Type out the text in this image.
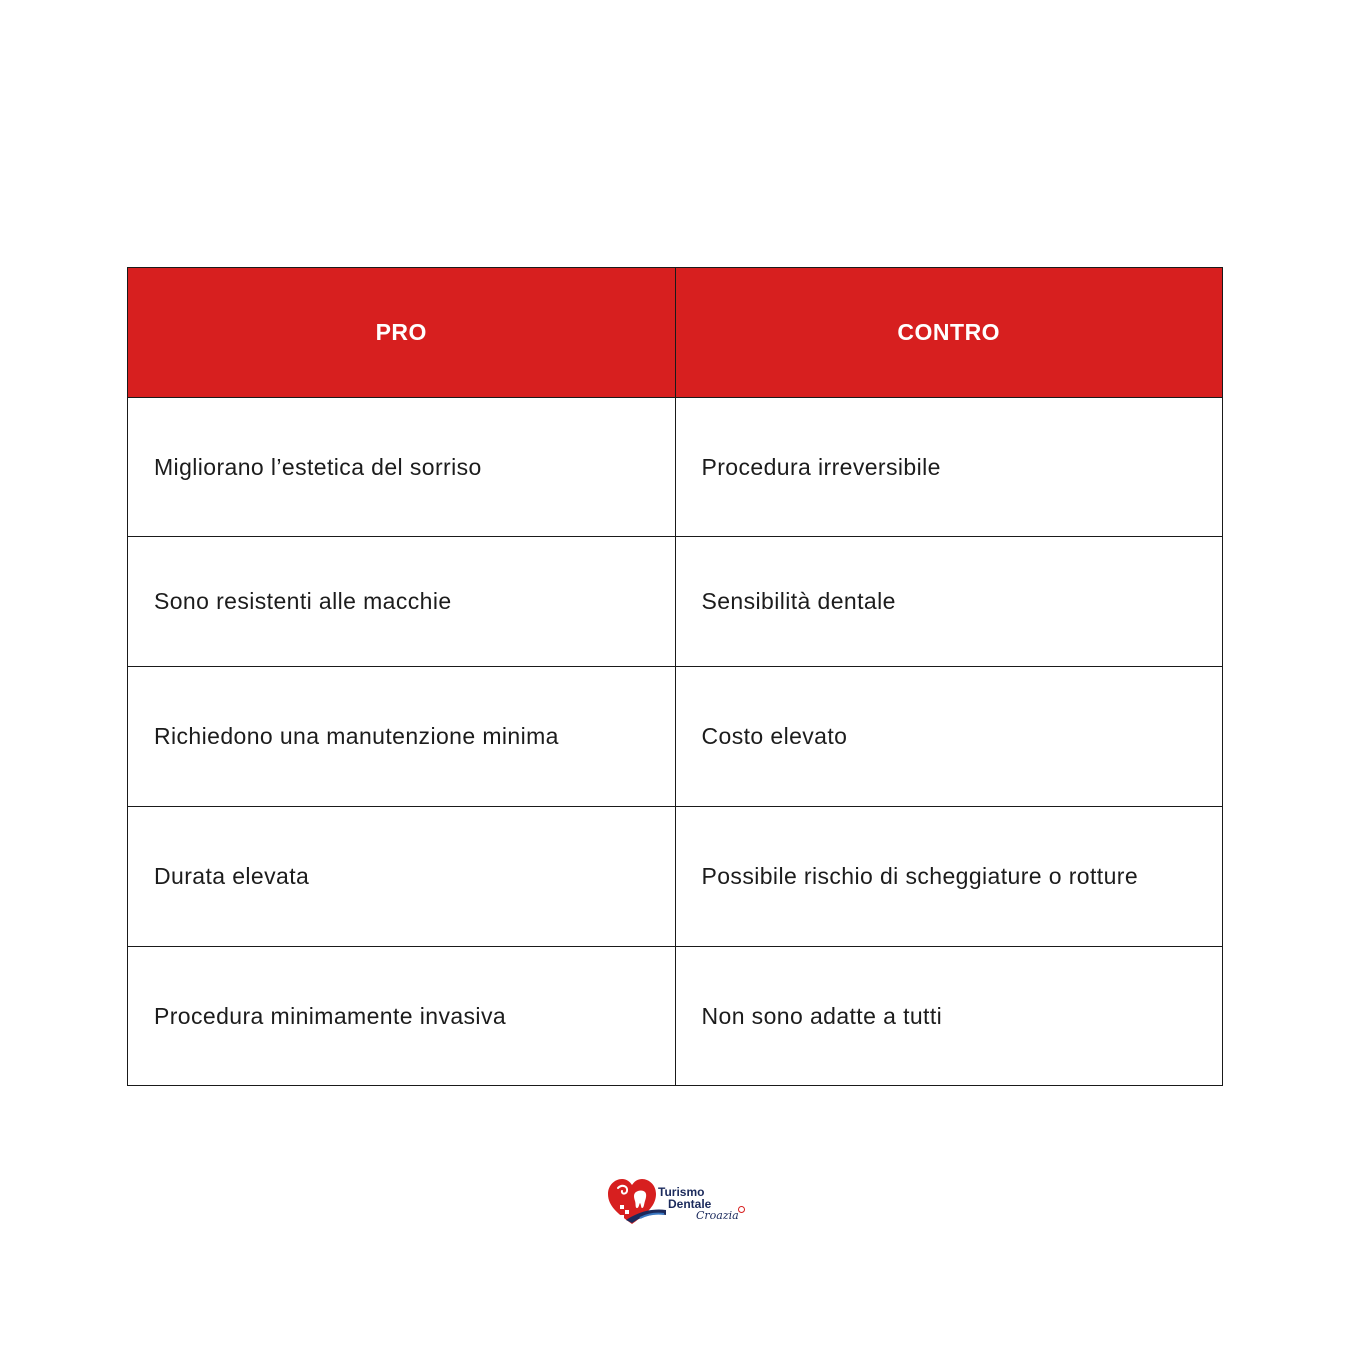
PRO	CONTRO
Migliorano l’estetica del sorriso	Procedura irreversibile
Sono resistenti alle macchie	Sensibilità dentale
Richiedono una manutenzione minima	Costo elevato
Durata elevata	Possibile rischio di scheggiature o rotture
Procedura minimamente invasiva	Non sono adatte a tutti
Turismo
Dentale
Croazia
